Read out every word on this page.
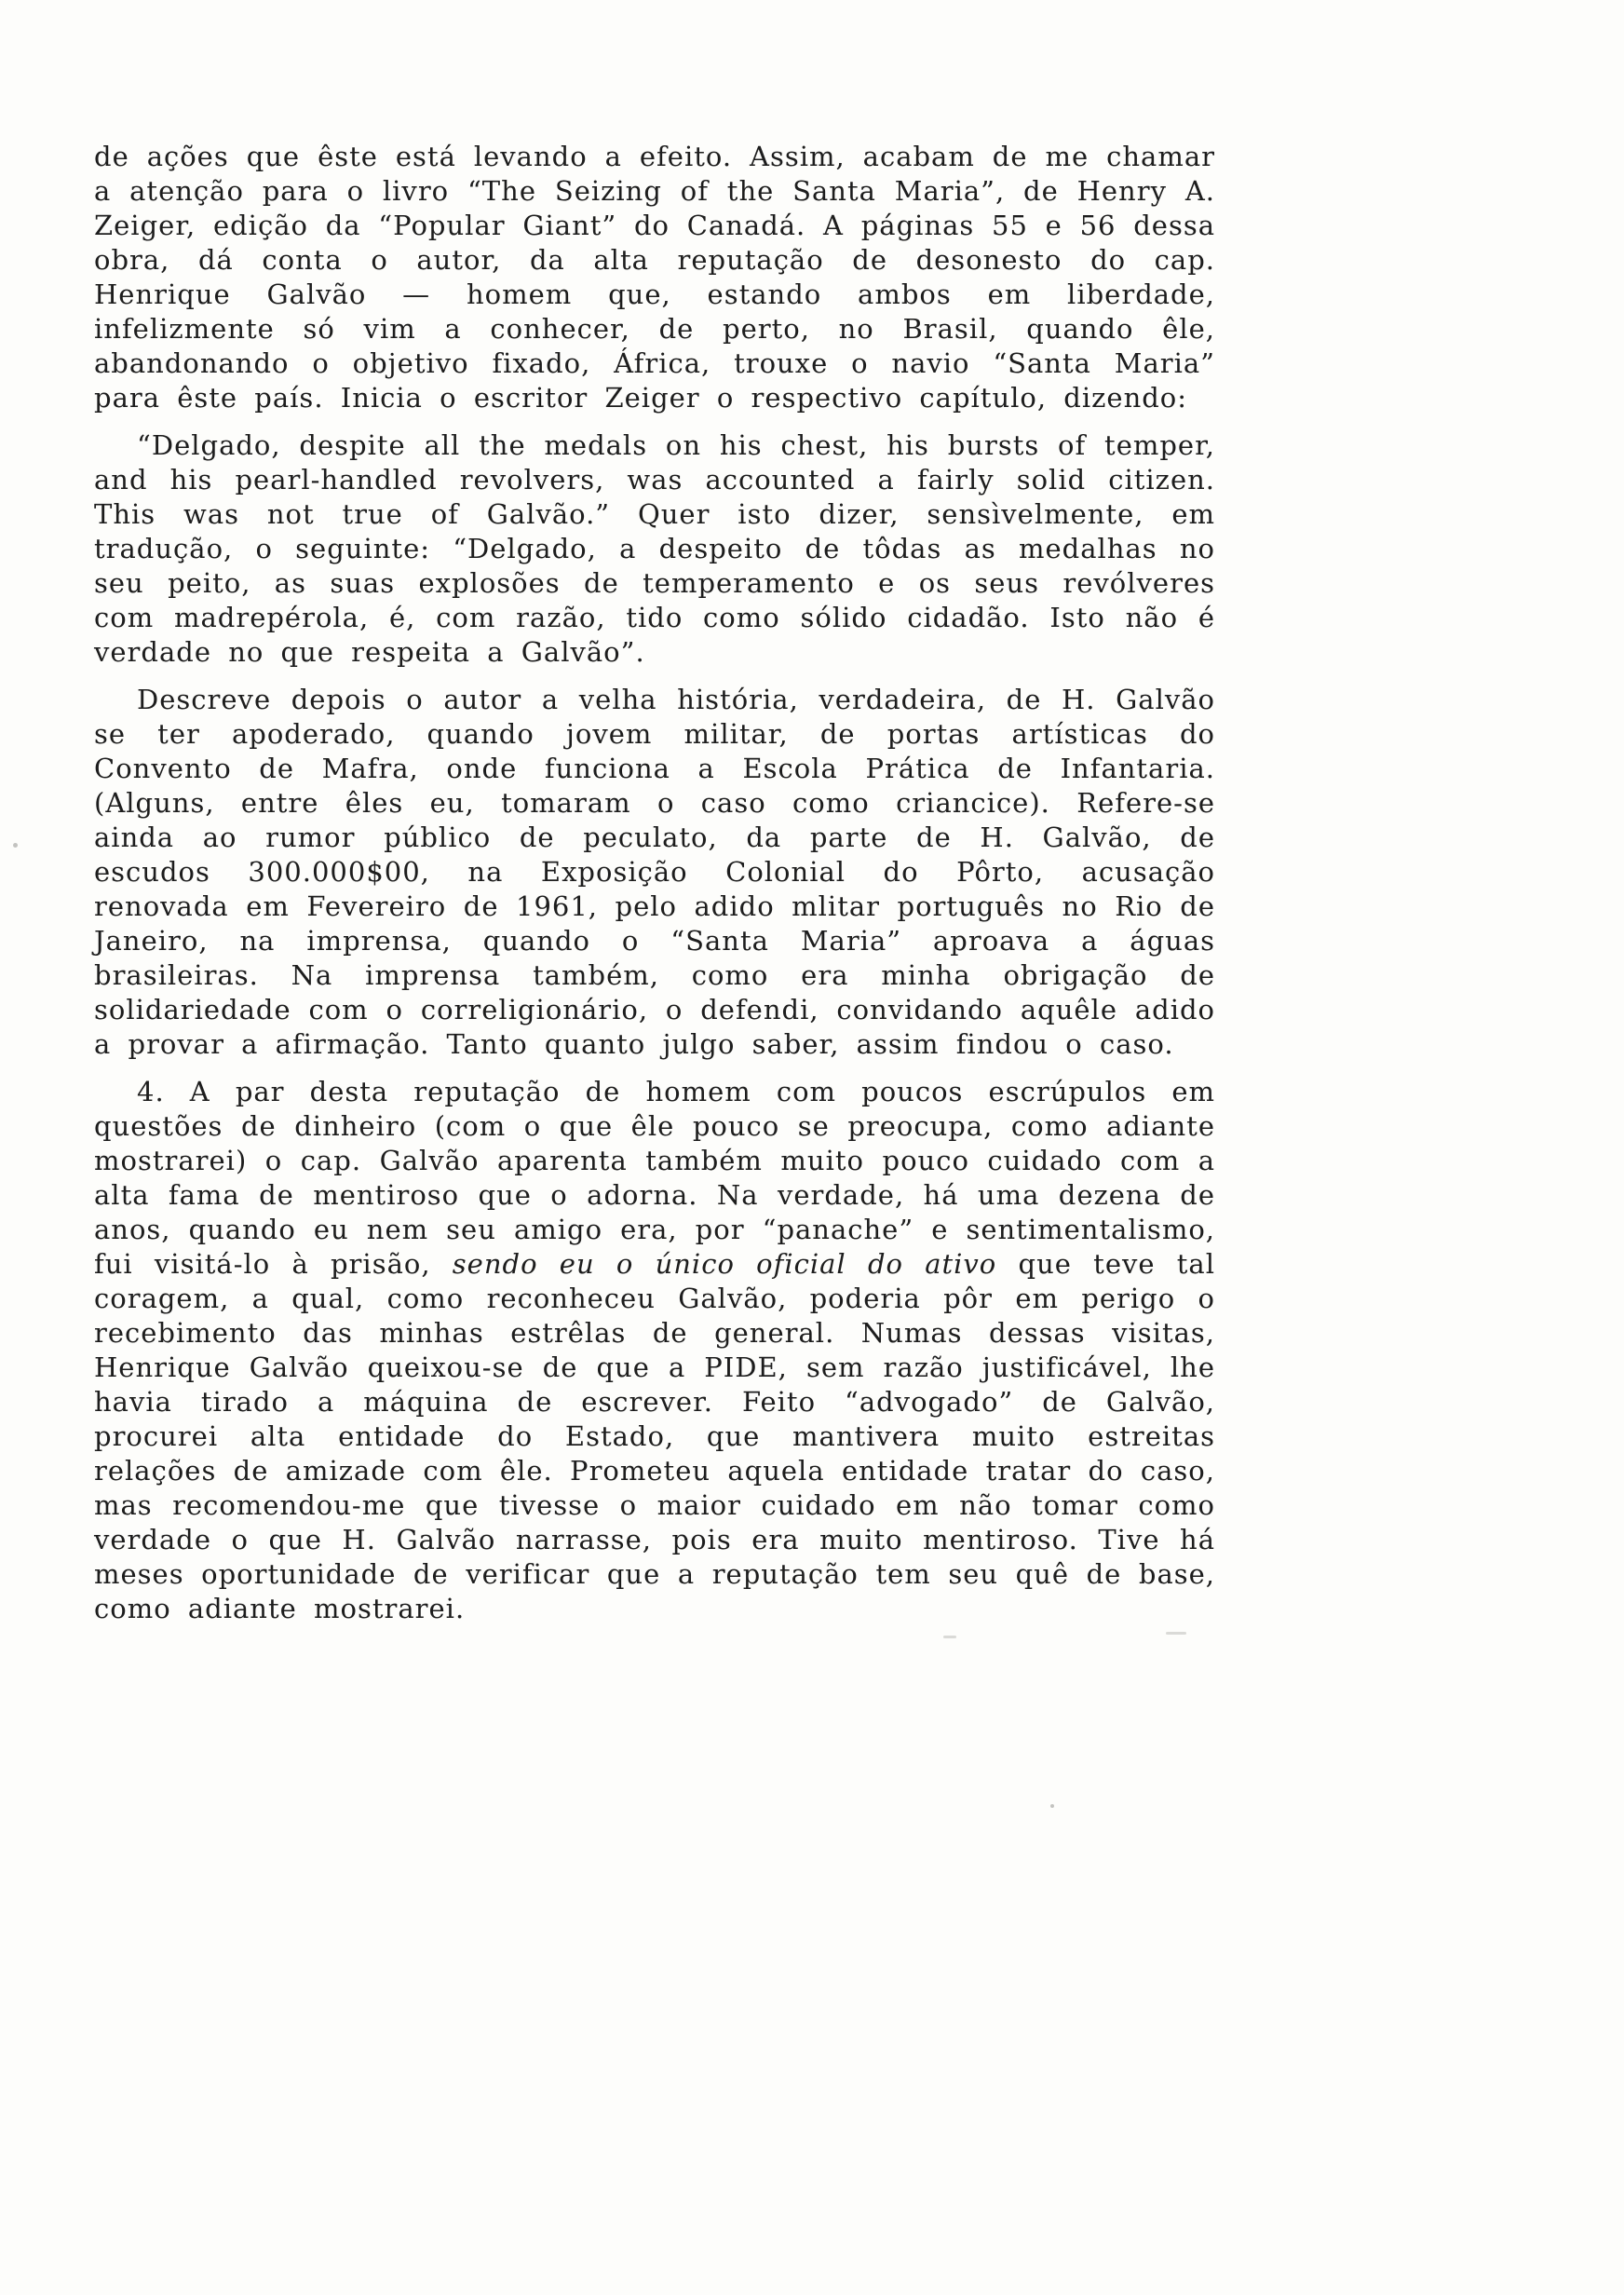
de ações que êste está levando a efeito. Assim, acabam de me chamar a atenção para o livro “The Seizing of the Santa Maria”, de Henry A. Zeiger, edição da “Popular Giant” do Canadá. A páginas 55 e 56 dessa obra, dá conta o autor, da alta reputação de desonesto do cap. Henrique Galvão — homem que, estando ambos em liberdade, infelizmente só vim a conhecer, de perto, no Brasil, quando êle, abandonando o objetivo fixado, África, trouxe o navio “Santa Maria” para êste país. Inicia o escritor Zeiger o respectivo capítulo, dizendo:

“Delgado, despite all the medals on his chest, his bursts of temper, and his pearl-handled revolvers, was accounted a fairly solid citizen. This was not true of Galvão.” Quer isto dizer, sensìvelmente, em tradução, o seguinte: “Delgado, a despeito de tôdas as medalhas no seu peito, as suas explosões de temperamento e os seus revólveres com madrepérola, é, com razão, tido como sólido cidadão. Isto não é verdade no que respeita a Galvão”.

Descreve depois o autor a velha história, verdadeira, de H. Galvão se ter apoderado, quando jovem militar, de portas artísticas do Convento de Mafra, onde funciona a Escola Prática de Infantaria. (Alguns, entre êles eu, tomaram o caso como criancice). Refere-se ainda ao rumor público de peculato, da parte de H. Galvão, de escudos 300.000$00, na Exposição Colonial do Pôrto, acusação renovada em Fevereiro de 1961, pelo adido mlitar português no Rio de Janeiro, na imprensa, quando o “Santa Maria” aproava a águas brasileiras. Na imprensa também, como era minha obrigação de solidariedade com o correligionário, o defendi, convidando aquêle adido a provar a afirmação. Tanto quanto julgo saber, assim findou o caso.

4. A par desta reputação de homem com poucos escrúpulos em questões de dinheiro (com o que êle pouco se preocupa, como adiante mostrarei) o cap. Galvão aparenta também muito pouco cuidado com a alta fama de mentiroso que o adorna. Na verdade, há uma dezena de anos, quando eu nem seu amigo era, por “panache” e sentimentalismo, fui visitá-lo à prisão, sendo eu o único oficial do ativo que teve tal coragem, a qual, como reconheceu Galvão, poderia pôr em perigo o recebimento das minhas estrêlas de general. Numas dessas visitas, Henrique Galvão queixou-se de que a PIDE, sem razão justificável, lhe havia tirado a máquina de escrever. Feito “advogado” de Galvão, procurei alta entidade do Estado, que mantivera muito estreitas relações de amizade com êle. Prometeu aquela entidade tratar do caso, mas recomendou-me que tivesse o maior cuidado em não tomar como verdade o que H. Galvão narrasse, pois era muito mentiroso. Tive há meses oportunidade de verificar que a reputação tem seu quê de base, como adiante mostrarei.
